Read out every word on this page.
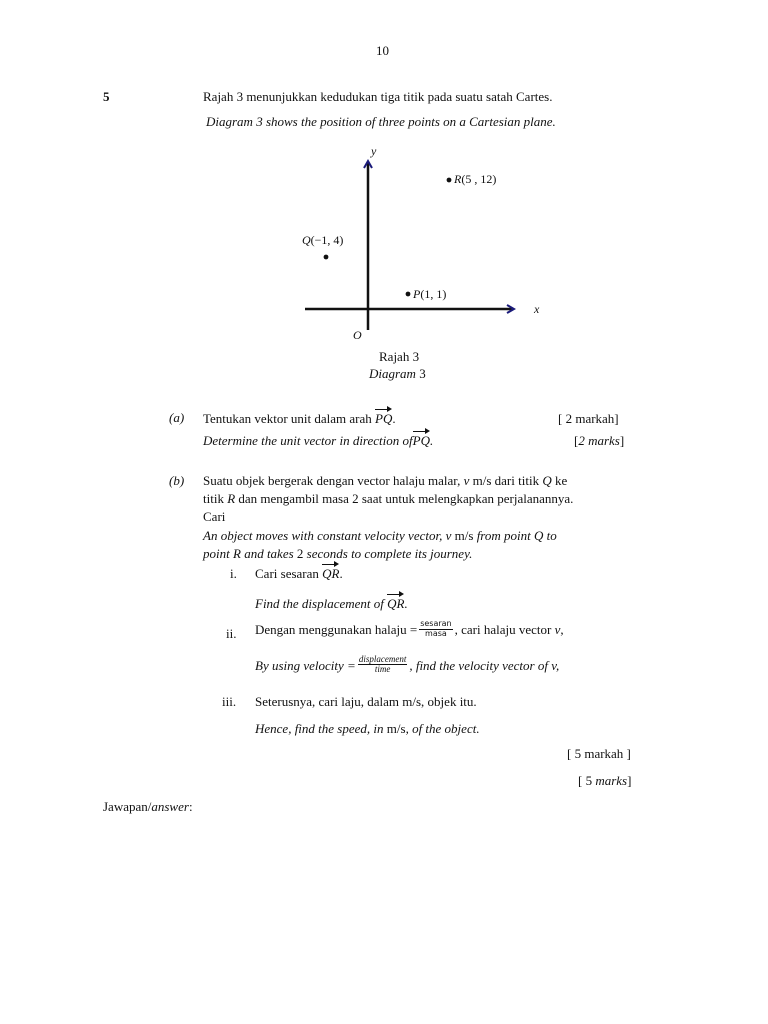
10
5	Rajah 3 menunjukkan kedudukan tiga titik pada suatu satah Cartes.
Diagram 3 shows the position of three points on a Cartesian plane.
y
x
O
R(5 , 12)
Q(−1, 4)
P(1, 1)
Rajah 3
Diagram 3
(a) Tentukan vektor unit dalam arah PQ.	[ 2 markah]
Determine the unit vector in direction ofPQ.	[2 marks]
(b) Suatu objek bergerak dengan vector halaju malar, v m/s dari titik Q ke
titik R dan mengambil masa 2 saat untuk melengkapkan perjalanannya.
Cari
An object moves with constant velocity vector, v m/s from point Q to
point R and takes 2 seconds to complete its journey.
i. Cari sesaran QR.
Find the displacement of QR.
ii. Dengan menggunakan halaju = $\frac{\text{sesaran}}{\text{masa}}$ , cari halaju vector v,
By using velocity = $\frac{\text{displacement}}{\text{time}}$ , find the velocity vector of v,
iii. Seterusnya, cari laju, dalam m/s, objek itu.
Hence, find the speed, in m/s, of the object.
[ 5 markah ]
[ 5 marks]
Jawapan/answer:
